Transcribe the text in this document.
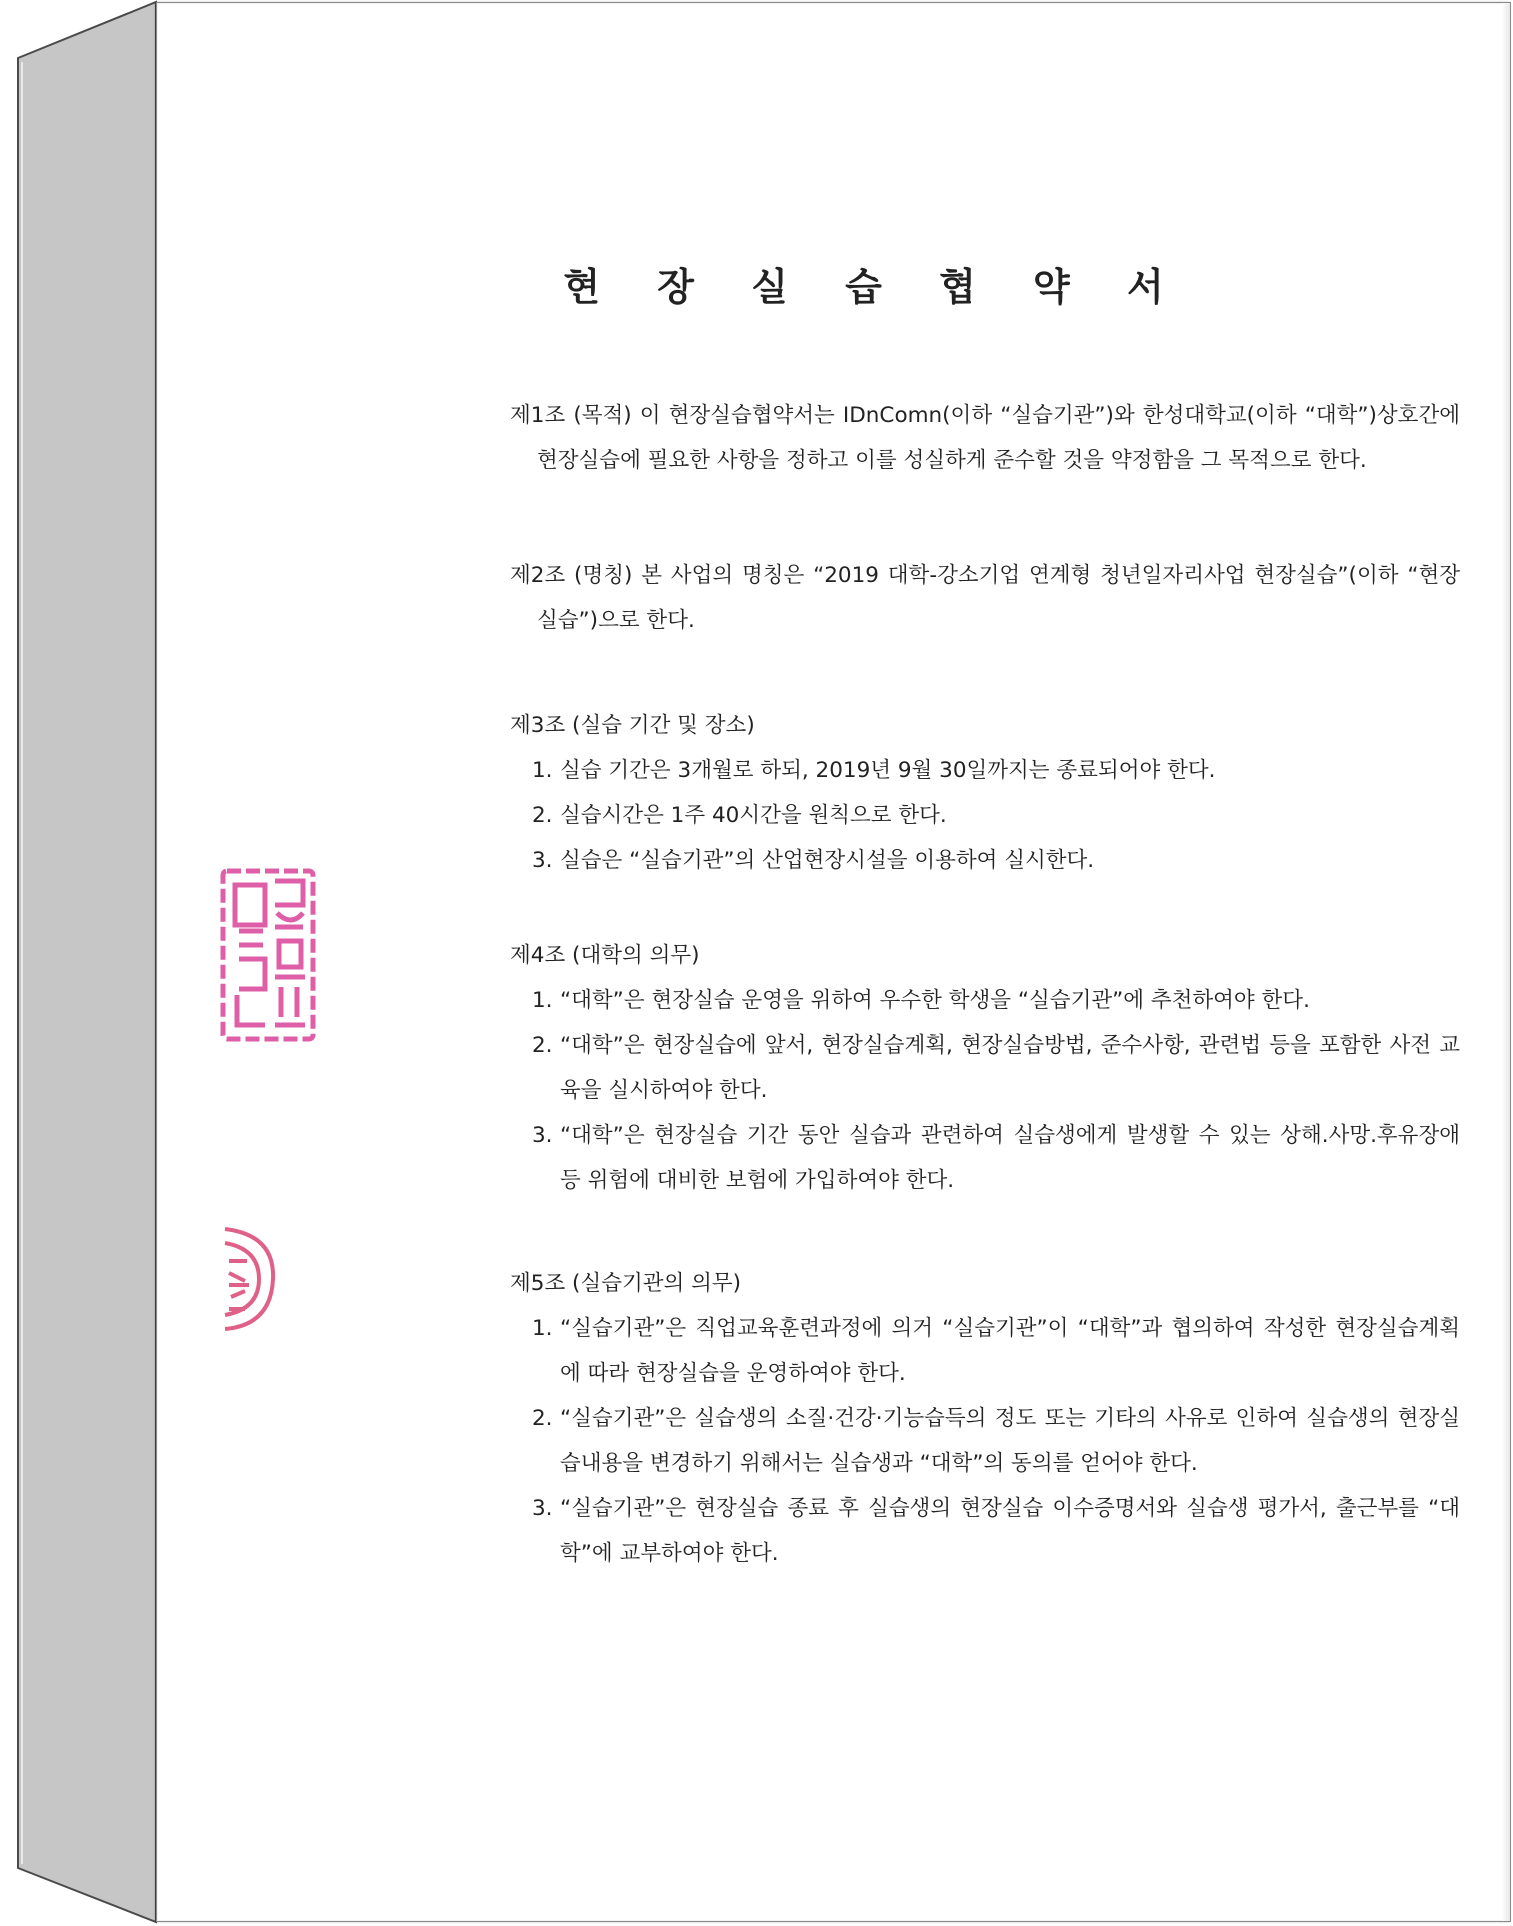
현 장 실 습 협 약 서

제1조 (목적) 이 현장실습협약서는 IDnComn(이하 “실습기관”)와 한성대학교(이하 “대학”)상호간에 현장실습에 필요한 사항을 정하고 이를 성실하게 준수할 것을 약정함을 그 목적으로 한다.

제2조 (명칭) 본 사업의 명칭은 “2019 대학-강소기업 연계형 청년일자리사업 현장실습”(이하 “현장실습”)으로 한다.

제3조 (실습 기간 및 장소)

1. 실습 기간은 3개월로 하되, 2019년 9월 30일까지는 종료되어야 한다.
2. 실습시간은 1주 40시간을 원칙으로 한다.
3. 실습은 “실습기관”의 산업현장시설을 이용하여 실시한다.

제4조 (대학의 의무)

1. “대학”은 현장실습 운영을 위하여 우수한 학생을 “실습기관”에 추천하여야 한다.
2. “대학”은 현장실습에 앞서, 현장실습계획, 현장실습방법, 준수사항, 관련법 등을 포함한 사전 교육을 실시하여야 한다.
3. “대학”은 현장실습 기간 동안 실습과 관련하여 실습생에게 발생할 수 있는 상해.사망.후유장애 등 위험에 대비한 보험에 가입하여야 한다.

제5조 (실습기관의 의무)

1. “실습기관”은 직업교육훈련과정에 의거 “실습기관”이 “대학”과 협의하여 작성한 현장실습계획에 따라 현장실습을 운영하여야 한다.
2. “실습기관”은 실습생의 소질·건강·기능습득의 정도 또는 기타의 사유로 인하여 실습생의 현장실습내용을 변경하기 위해서는 실습생과 “대학”의 동의를 얻어야 한다.
3. “실습기관”은 현장실습 종료 후 실습생의 현장실습 이수증명서와 실습생 평가서, 출근부를 “대학”에 교부하여야 한다.
